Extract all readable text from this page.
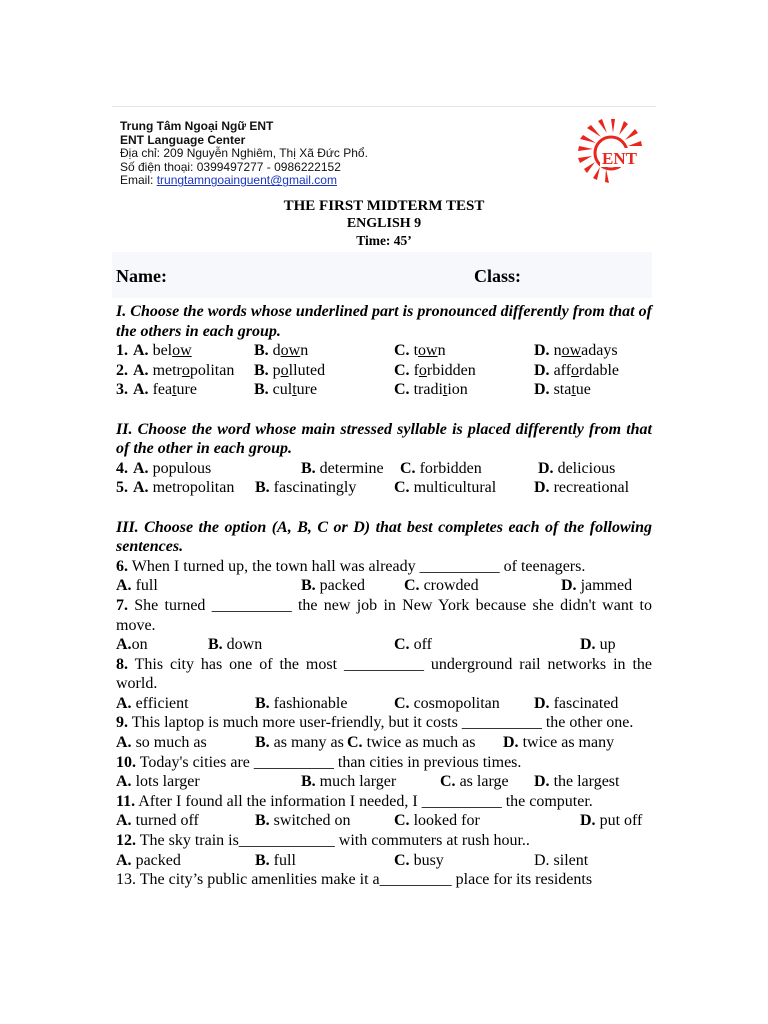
Trung Tâm Ngoại Ngữ ENT
ENT Language Center
Địa chỉ: 209 Nguyễn Nghiêm, Thị Xã Đức Phổ.
Số điện thoại: 0399497277 - 0986222152
Email: trungtamngoainguent@gmail.com
ENT
THE FIRST MIDTERM TEST
ENGLISH 9
Time: 45’
Name:	Class:
I. Choose the words whose underlined part is pronounced differently from that of the others in each group.
1. A. below	B. down	C. town	D. nowadays
2. A. metropolitan B. polluted	C. forbidden	D. affordable
3. A. feature	B. culture	C. tradition	D. statue
II. Choose the word whose main stressed syllable is placed differently from that of the other in each group.
4. A. populous	B. determine C. forbidden	D. delicious
5. A. metropolitan B. fascinatingly C. multicultural D. recreational
III. Choose the option (A, B, C or D) that best completes each of the following sentences.
6. When I turned up, the town hall was already __________ of teenagers.
A. full	B. packed C. crowded	D. jammed
7. She turned __________ the new job in New York because she didn't want to move.
A.on	B. down	C. off	D. up
8. This city has one of the most __________ underground rail networks in the world.
A. efficient	B. fashionable	C. cosmopolitan D. fascinated
9. This laptop is much more user-friendly, but it costs __________ the other one.
A. so much as	B. as many as C. twice as much as D. twice as many
10. Today's cities are __________ than cities in previous times.
A. lots larger	B. much larger	C. as large D. the largest
11. After I found all the information I needed, I __________ the computer.
A. turned off	B. switched on	C. looked for	D. put off
12. The sky train is____________ with commuters at rush hour..
A. packed	B. full	C. busy	D. silent
13. The city’s public amenlities make it a_________ place for its residents
